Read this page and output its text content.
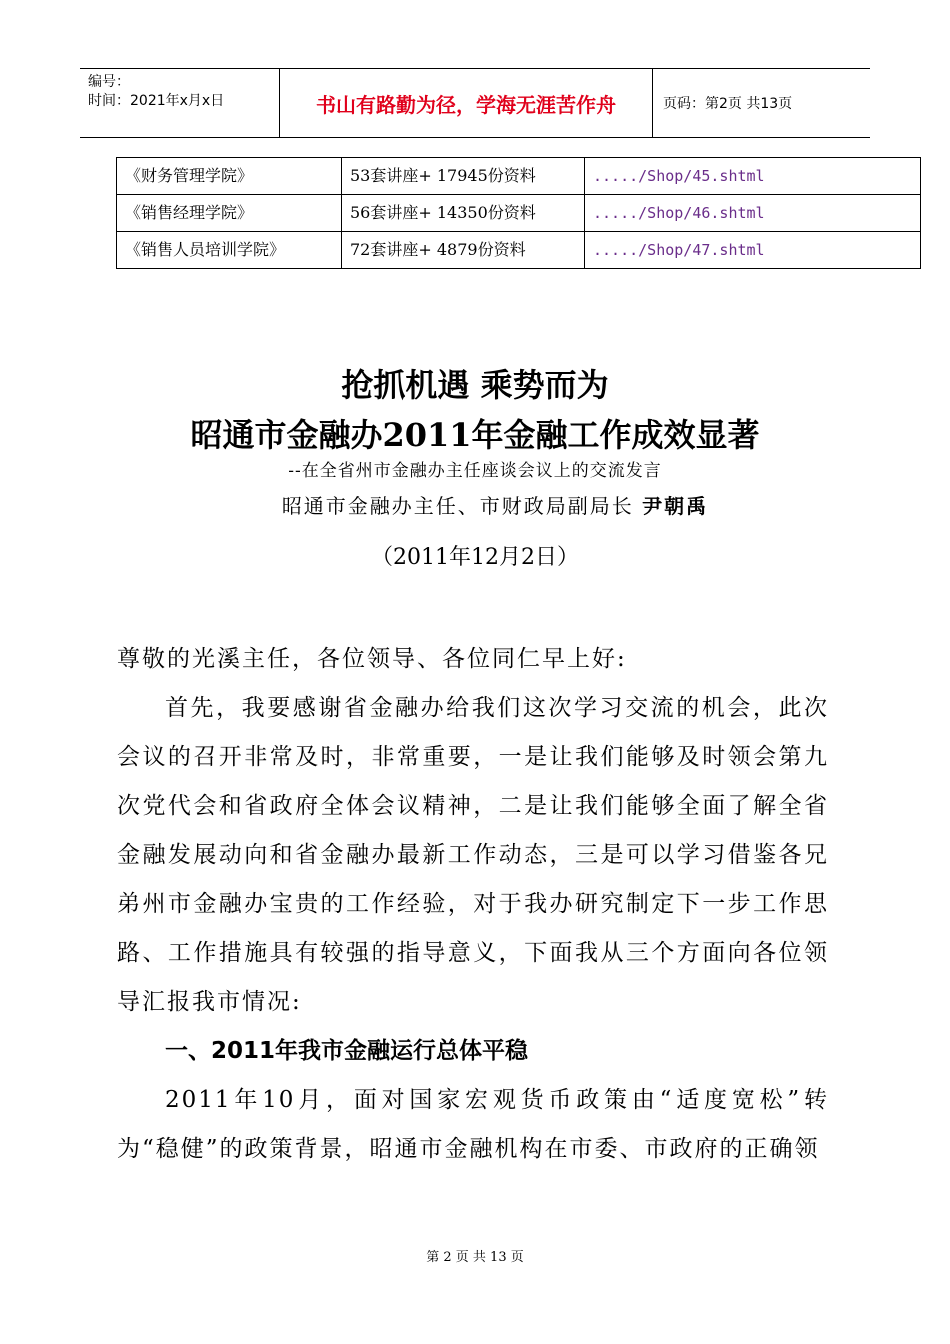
编号：
时间：2021年x月x日	书山有路勤为径，学海无涯苦作舟	页码：第2页 共13页
《财务管理学院》	53套讲座+ 17945份资料	...../Shop/45.shtml
《销售经理学院》	56套讲座+ 14350份资料	...../Shop/46.shtml
《销售人员培训学院》	72套讲座+ 4879份资料	...../Shop/47.shtml
抢抓机遇 乘势而为
昭通市金融办2011年金融工作成效显著
--在全省州市金融办主任座谈会议上的交流发言
昭通市金融办主任、市财政局副局长 尹朝禹
（2011年12月2日）

尊敬的光溪主任，各位领导、各位同仁早上好:

首先，我要感谢省金融办给我们这次学习交流的机会，此次会议的召开非常及时，非常重要，一是让我们能够及时领会第九次党代会和省政府全体会议精神，二是让我们能够全面了解全省金融发展动向和省金融办最新工作动态，三是可以学习借鉴各兄弟州市金融办宝贵的工作经验，对于我办研究制定下一步工作思路、工作措施具有较强的指导意义，下面我从三个方面向各位领导汇报我市情况:

一、2011年我市金融运行总体平稳

2011年10月，面对国家宏观货币政策由“适度宽松”转为“稳健”的政策背景，昭通市金融机构在市委、市政府的正确领

第 2 页 共 13 页
